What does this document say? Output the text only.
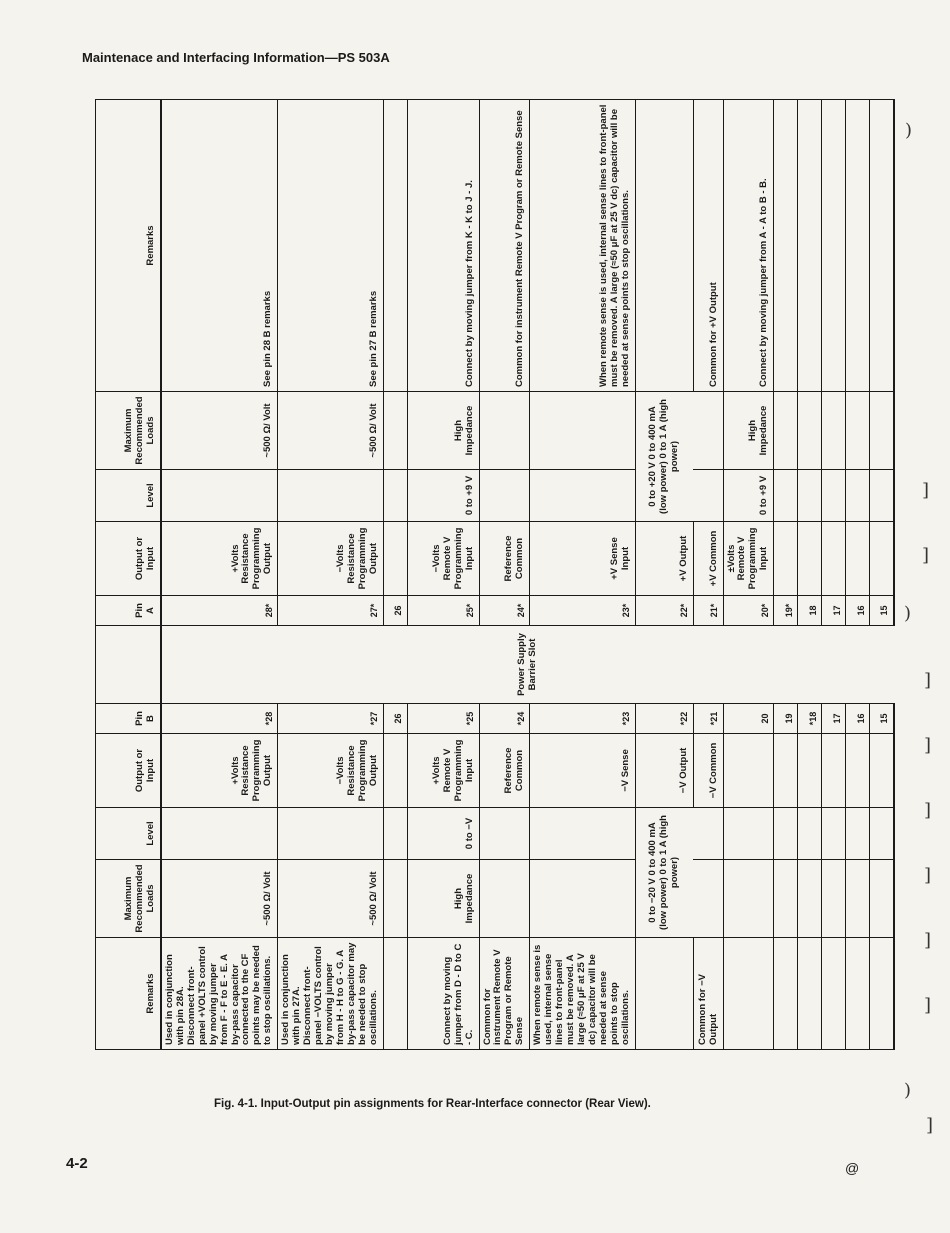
Maintenace and Interfacing Information—PS 503A
Remarks	Maximum Recommended Loads	Level	Output or Input	Pin B		Pin A	Output or Input	Level	Maximum Recommended Loads	Remarks
Used in conjunction with pin 28A. Disconnect front-panel +VOLTS control by moving jumper from F - F to E - E. A by-pass capacitor connected to the CF points may be needed to stop oscillations.	~500 Ω/ Volt		+Volts Resistance Programming Output	*28	Power Supply Barrier Slot	28*	+Volts Resistance Programming Output		~500 Ω/ Volt	See pin 28 B remarks
Used in conjunction with pin 27A. Disconnect front-panel −VOLTS control by moving jumper from H - H to G - G. A by-pass capacitor may be needed to stop oscillations.	~500 Ω/ Volt		−Volts Resistance Programming Output	*27		27*	−Volts Resistance Programming Output		~500 Ω/ Volt	See pin 27 B remarks
				26		26				
Connect by moving jumper from D - D to C - C.	High Impedance	0 to −V	+Volts Remote V Programming Input	*25		25*	−Volts Remote V Programming Input	0 to +9 V	High Impedance	Connect by moving jumper from K - K to J - J.
Common for instrument Remote V Program or Remote Sense			Reference Common	*24		24*	Reference Common			Common for instrument Remote V Program or Remote Sense
When remote sense is used, internal sense lines to front-panel must be removed. A large (≈50 μF at 25 V dc) capacitor will be needed at sense points to stop oscillations.			−V Sense	*23		23*	+V Sense Input			When remote sense is used, internal sense lines to front-panel must be removed. A large (≈50 μF at 25 V dc) capacitor will be needed at sense points to stop oscillations.
	0 to −20 V 0 to 400 mA (low power) 0 to 1 A (high power)		−V Output	*22		22*	+V Output	0 to +20 V 0 to 400 mA (low power) 0 to 1 A (high power)		
Common for −V Output			−V Common	*21		21*	+V Common			Common for +V Output
				20		20*	±Volts Remote V Programming Input	0 to +9 V	High Impedance	Connect by moving jumper from A - A to B - B.
				19		19*				
				*18		18				
				17		17				
				16		16				
				15		15				
Fig. 4-1. Input-Output pin assignments for Rear-Interface connector (Rear View).
4-2	@
)
]
]
)
]
]
]
]
]
]
)
]
